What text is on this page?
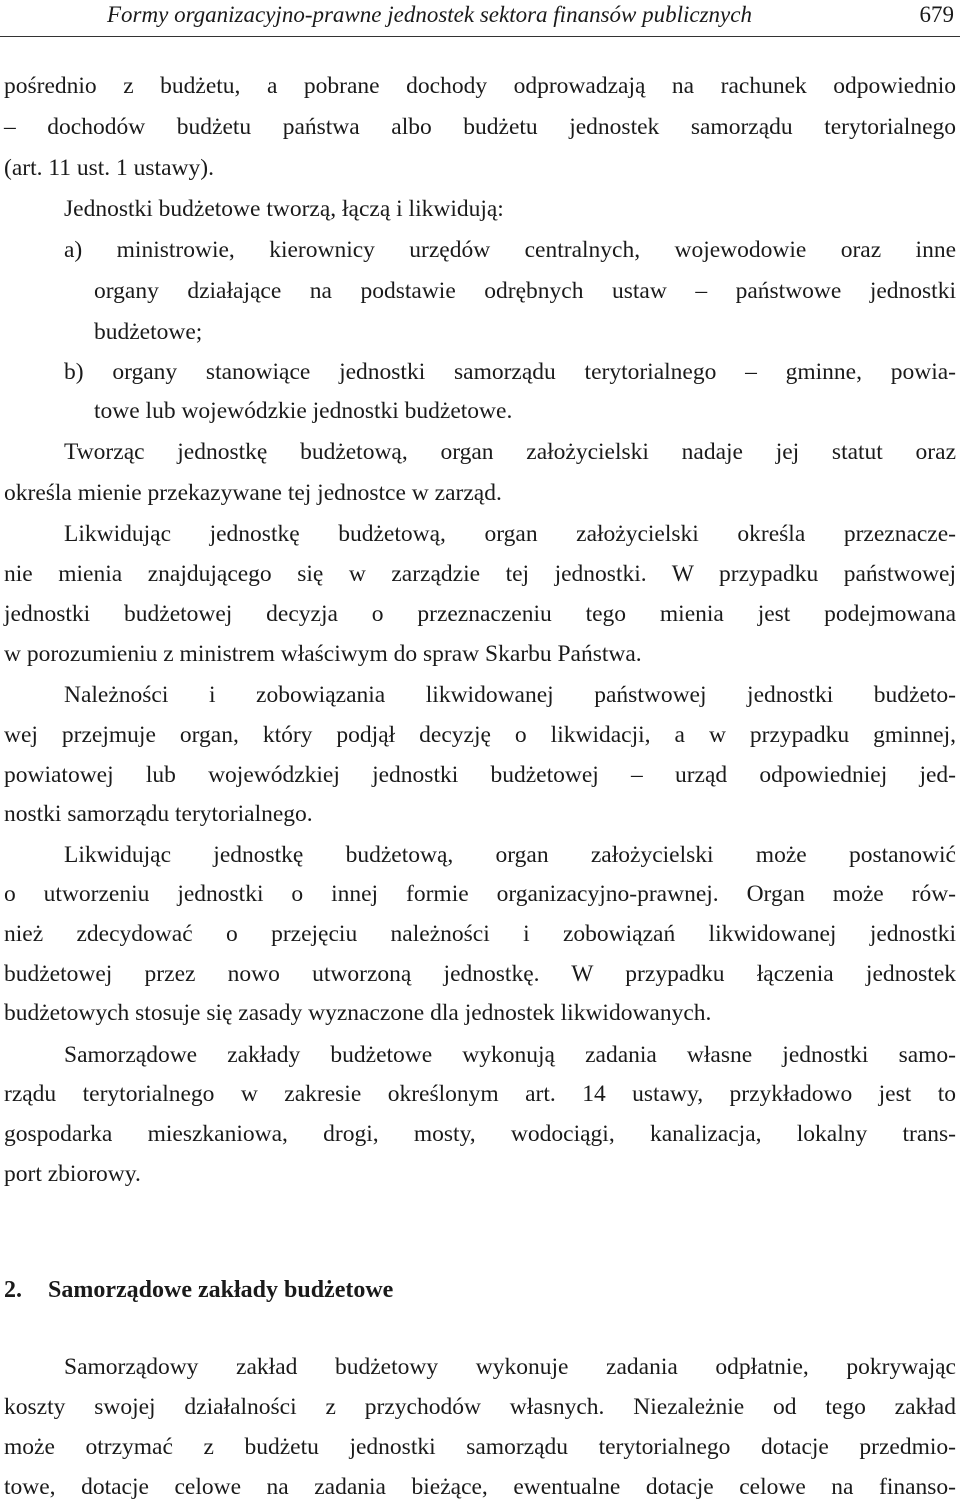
Formy organizacyjno-prawne jednostek sektora finansów publicznych	679
pośrednio z budżetu, a pobrane dochody odprowadzają na rachunek odpowiednio
– dochodów budżetu państwa albo budżetu jednostek samorządu terytorialnego
(art. 11 ust. 1 ustawy).
Jednostki budżetowe tworzą, łączą i likwidują:
a) ministrowie, kierownicy urzędów centralnych, wojewodowie oraz inne
organy działające na podstawie odrębnych ustaw – państwowe jednostki
budżetowe;
b) organy stanowiące jednostki samorządu terytorialnego – gminne, powia-
towe lub wojewódzkie jednostki budżetowe.
Tworząc jednostkę budżetową, organ założycielski nadaje jej statut oraz
określa mienie przekazywane tej jednostce w zarząd.
Likwidując jednostkę budżetową, organ założycielski określa przeznacze-
nie mienia znajdującego się w zarządzie tej jednostki. W przypadku państwowej
jednostki budżetowej decyzja o przeznaczeniu tego mienia jest podejmowana
w porozumieniu z ministrem właściwym do spraw Skarbu Państwa.
Należności i zobowiązania likwidowanej państwowej jednostki budżeto-
wej przejmuje organ, który podjął decyzję o likwidacji, a w przypadku gminnej,
powiatowej lub wojewódzkiej jednostki budżetowej – urząd odpowiedniej jed-
nostki samorządu terytorialnego.
Likwidując jednostkę budżetową, organ założycielski może postanowić
o utworzeniu jednostki o innej formie organizacyjno-prawnej. Organ może rów-
nież zdecydować o przejęciu należności i zobowiązań likwidowanej jednostki
budżetowej przez nowo utworzoną jednostkę. W przypadku łączenia jednostek
budżetowych stosuje się zasady wyznaczone dla jednostek likwidowanych.
Samorządowe zakłady budżetowe wykonują zadania własne jednostki samo-
rządu terytorialnego w zakresie określonym art. 14 ustawy, przykładowo jest to
gospodarka mieszkaniowa, drogi, mosty, wodociągi, kanalizacja, lokalny trans-
port zbiorowy.
2. Samorządowe zakłady budżetowe
Samorządowy zakład budżetowy wykonuje zadania odpłatnie, pokrywając
koszty swojej działalności z przychodów własnych. Niezależnie od tego zakład
może otrzymać z budżetu jednostki samorządu terytorialnego dotacje przedmio-
towe, dotacje celowe na zadania bieżące, ewentualne dotacje celowe na finanso-
